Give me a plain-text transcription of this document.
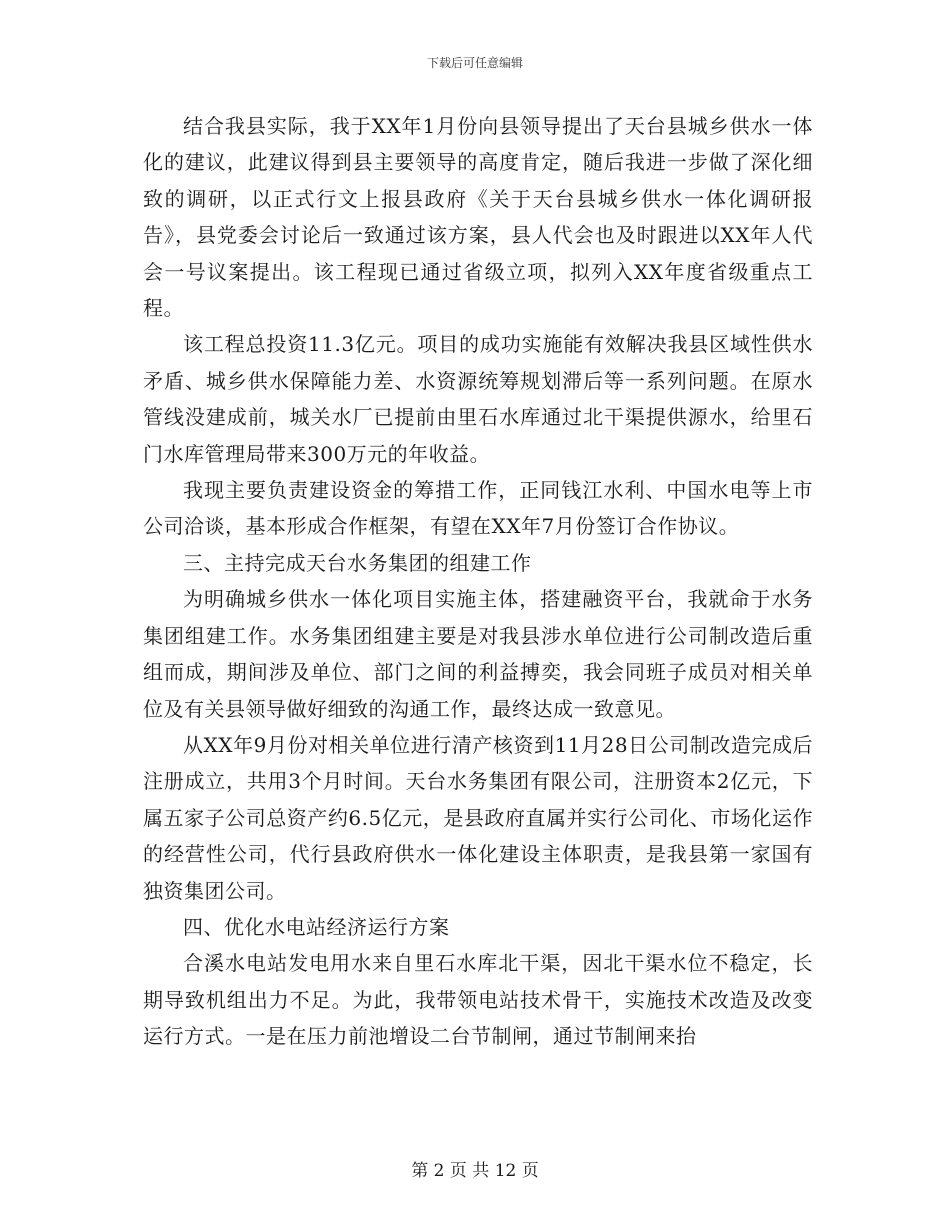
下载后可任意编辑

结合我县实际，我于XX年1月份向县领导提出了天台县城乡供水一体化的建议，此建议得到县主要领导的高度肯定，随后我进一步做了深化细致的调研，以正式行文上报县政府《关于天台县城乡供水一体化调研报告》，县党委会讨论后一致通过该方案，县人代会也及时跟进以XX年人代会一号议案提出。该工程现已通过省级立项，拟列入XX年度省级重点工程。

该工程总投资11.3亿元。项目的成功实施能有效解决我县区域性供水矛盾、城乡供水保障能力差、水资源统筹规划滞后等一系列问题。在原水管线没建成前，城关水厂已提前由里石水库通过北干渠提供源水，给里石门水库管理局带来300万元的年收益。

我现主要负责建设资金的筹措工作，正同钱江水利、中国水电等上市公司洽谈，基本形成合作框架，有望在XX年7月份签订合作协议。

三、主持完成天台水务集团的组建工作

为明确城乡供水一体化项目实施主体，搭建融资平台，我就命于水务集团组建工作。水务集团组建主要是对我县涉水单位进行公司制改造后重组而成，期间涉及单位、部门之间的利益搏奕，我会同班子成员对相关单位及有关县领导做好细致的沟通工作，最终达成一致意见。

从XX年9月份对相关单位进行清产核资到11月28日公司制改造完成后注册成立，共用3个月时间。天台水务集团有限公司，注册资本2亿元，下属五家子公司总资产约6.5亿元，是县政府直属并实行公司化、市场化运作的经营性公司，代行县政府供水一体化建设主体职责，是我县第一家国有独资集团公司。

四、优化水电站经济运行方案

合溪水电站发电用水来自里石水库北干渠，因北干渠水位不稳定，长期导致机组出力不足。为此，我带领电站技术骨干，实施技术改造及改变运行方式。一是在压力前池增设二台节制闸，通过节制闸来抬

第 2 页 共 12 页
